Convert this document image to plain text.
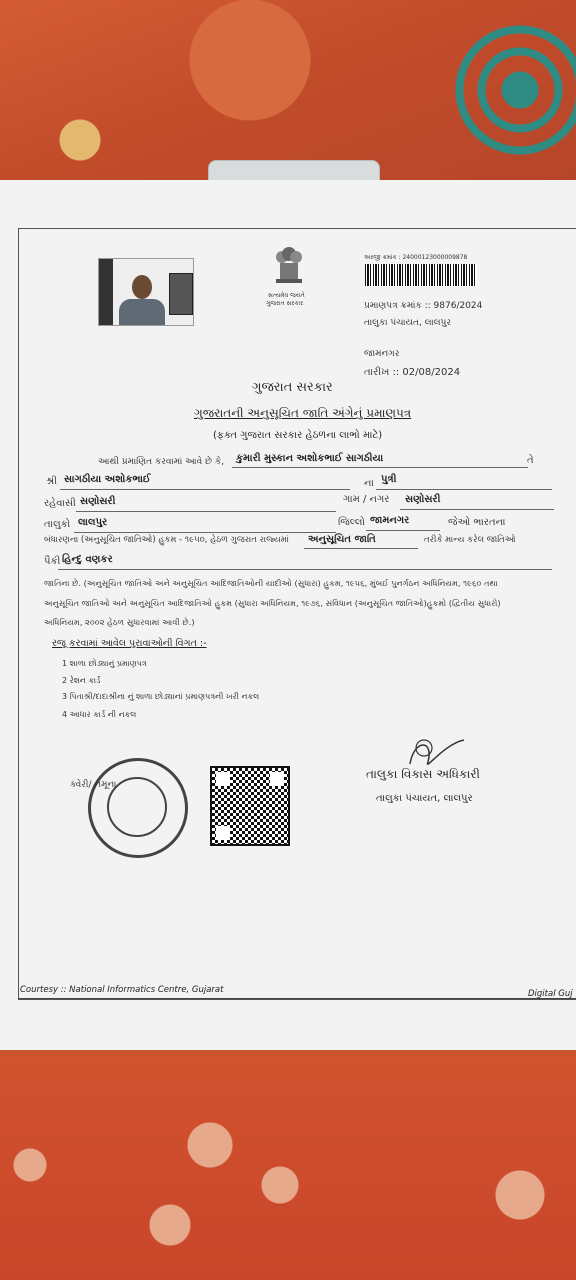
સત્યમેવ જયતે
ગુજરાત સરકાર
અરજી ક્રમાંક : 24000123000009878
પ્રમાણપત્ર ક્રમાંક :: 9876/2024
તાલુકા પંચાયત, લાલપુર
જામનગર
તારીખ :: 02/08/2024
ગુજરાત સરકાર
ગુજરાતની અનુસૂચિત જાતિ અંગેનું પ્રમાણપત્ર
(ફક્ત ગુજરાત સરકાર હેઠળના લાભો માટે)
આથી પ્રમાણિત કરવામાં આવે છે કે, કુમારી મુસ્કાન અશોકભાઈ સાગઠીયા	તે
શ્રી સાગઠીયા અશોકભાઈ	ના પુત્રી
રહેવાસી સણોસરી	ગામ / નગર સણોસરી
તાલુકો લાલપુર	જિલ્લો જામનગર	જેઓ ભારતના
બંધારણના (અનુસૂચિત જાતિઓ) હુકમ - ૧૯૫૦, હેઠળ ગુજરાત રાજ્યમાં અનુસૂચિત જાતિ	તરીકે માન્ય કરેલ જાતિઓ
પૈકી હિન્દુ વણકર
જાતિના છે. (અનુસૂચિત જાતિઓ અને અનુસૂચિત આદિજાતિઓની યાદીઓ (સુધારા) હુકમ, ૧૯૫૬, મુંબઈ પુનર્ગઠન અધિનિયમ, ૧૯૬૦ તથા
અનુસૂચિત જાતિઓ અને અનુસૂચિત આદિજાતિઓ હુકમ (સુધારા અધિનિયમ, ૧૯૭૬, સંવિધાન (અનુસૂચિત જાતિઓ)હુકમો (દ્વિતીય સુધારો)
અધિનિયમ, ૨૦૦૨ હેઠળ સુધારવામાં આવી છે.)
રજૂ કરવામાં આવેલ પુરાવાઓની વિગત :-
1 શાળા છોડ્યાનું પ્રમાણપત્ર
2 રેશન કાર્ડ
3 પિતાશ્રી/દાદાશ્રીના નું શાળા છોડ્યાનાં પ્રમાણપત્રની ખરી નકલ
4 આધાર કાર્ડ ની નકલ
તાલુકા વિકાસ અધિકારી
તાલુકા પંચાયત, લાલપુર
ક્વેરી/ નમૂના
Courtesy :: National Informatics Centre, Gujarat	Digital Guj
